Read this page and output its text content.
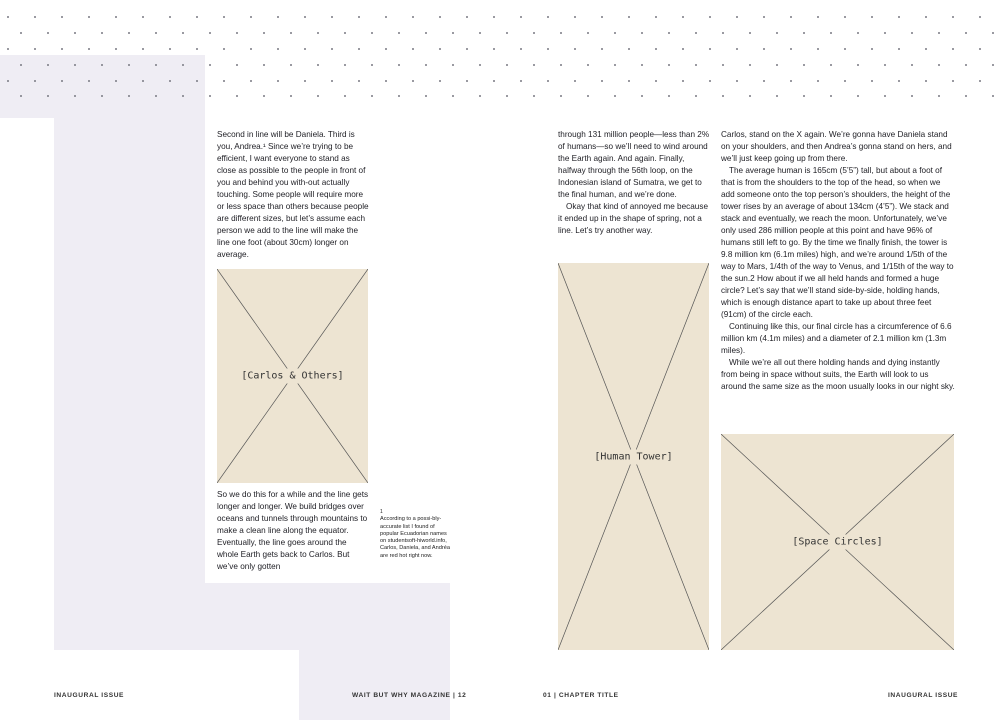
Second in line will be Daniela. Third is you, Andrea.¹ Since we’re trying to be efficient, I want everyone to stand as close as possible to the people in front of you and behind you with-out actually touching. Some people will require more or less space than others because people are different sizes, but let’s assume each person we add to the line will make the line one foot (about 30cm) longer on average.

[Carlos & Others]

So we do this for a while and the line gets longer and longer. We build bridges over oceans and tunnels through mountains to make a clean line along the equator. Eventually, the line goes around the whole Earth gets back to Carlos. But we’ve only gotten

1
According to a possi-bly-accurate list I found of popular Ecuadorian names on studentsoft-hiworld.info, Carlos, Daniela, and Andréa are red hot right now.

through 131 million people—less than 2% of humans—so we’ll need to wind around the Earth again. And again. Finally, halfway through the 56th loop, on the Indonesian island of Sumatra, we get to the final human, and we’re done.

Okay that kind of annoyed me because it ended up in the shape of spring, not a line. Let’s try another way.

[Human Tower]

Carlos, stand on the X again. We’re gonna have Daniela stand on your shoulders, and then Andrea’s gonna stand on hers, and we’ll just keep going up from there.

The average human is 165cm (5’5”) tall, but about a foot of that is from the shoulders to the top of the head, so when we add someone onto the top person’s shoulders, the height of the tower rises by an average of about 134cm (4’5”). We stack and stack and eventually, we reach the moon. Unfortunately, we’ve only used 286 million people at this point and have 96% of humans still left to go. By the time we finally finish, the tower is 9.8 million km (6.1m miles) high, and we’re around 1/5th of the way to Mars, 1/4th of the way to Venus, and 1/15th of the way to the sun.2 How about if we all held hands and formed a huge circle? Let’s say that we’ll stand side-by-side, holding hands, which is enough distance apart to take up about three feet (91cm) of the circle each.

Continuing like this, our final circle has a circumference of 6.6 million km (4.1m miles) and a diameter of 2.1 million km (1.3m miles).

While we’re all out there holding hands and dying instantly from being in space without suits, the Earth will look to us around the same size as the moon usually looks in our night sky.

[Space Circles]
INAUGURAL ISSUE	WAIT BUT WHY MAGAZINE | 12	01 | CHAPTER TITLE	INAUGURAL ISSUE
